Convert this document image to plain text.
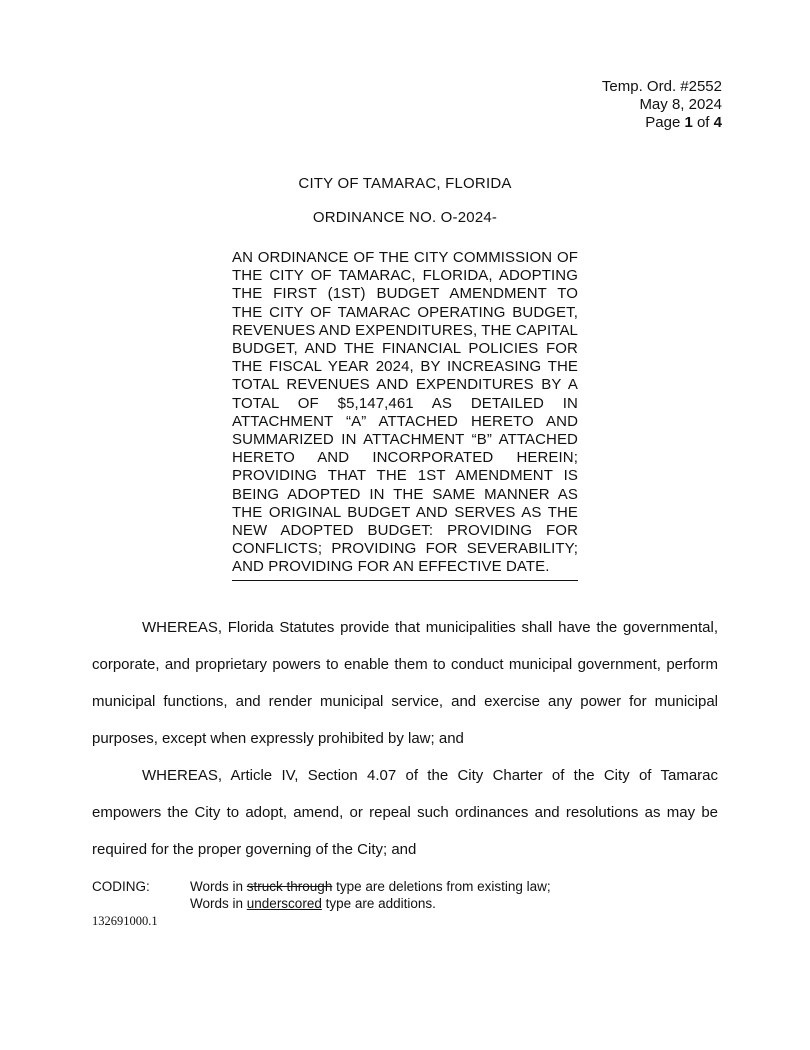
Temp. Ord. #2552
May 8, 2024
Page 1 of 4
CITY OF TAMARAC, FLORIDA
ORDINANCE NO. O-2024-
AN ORDINANCE OF THE CITY COMMISSION OF THE CITY OF TAMARAC, FLORIDA, ADOPTING THE FIRST (1ST) BUDGET AMENDMENT TO THE CITY OF TAMARAC OPERATING BUDGET, REVENUES AND EXPENDITURES, THE CAPITAL BUDGET, AND THE FINANCIAL POLICIES FOR THE FISCAL YEAR 2024, BY INCREASING THE TOTAL REVENUES AND EXPENDITURES BY A TOTAL OF $5,147,461 AS DETAILED IN ATTACHMENT “A” ATTACHED HERETO AND SUMMARIZED IN ATTACHMENT “B” ATTACHED HERETO AND INCORPORATED HEREIN; PROVIDING THAT THE 1ST AMENDMENT IS BEING ADOPTED IN THE SAME MANNER AS THE ORIGINAL BUDGET AND SERVES AS THE NEW ADOPTED BUDGET: PROVIDING FOR CONFLICTS; PROVIDING FOR SEVERABILITY; AND PROVIDING FOR AN EFFECTIVE DATE.

WHEREAS, Florida Statutes provide that municipalities shall have the governmental, corporate, and proprietary powers to enable them to conduct municipal government, perform municipal functions, and render municipal service, and exercise any power for municipal purposes, except when expressly prohibited by law; and

WHEREAS, Article IV, Section 4.07 of the City Charter of the City of Tamarac empowers the City to adopt, amend, or repeal such ordinances and resolutions as may be required for the proper governing of the City; and

CODING:	Words in struck through type are deletions from existing law;
Words in underscored type are additions.
132691000.1
